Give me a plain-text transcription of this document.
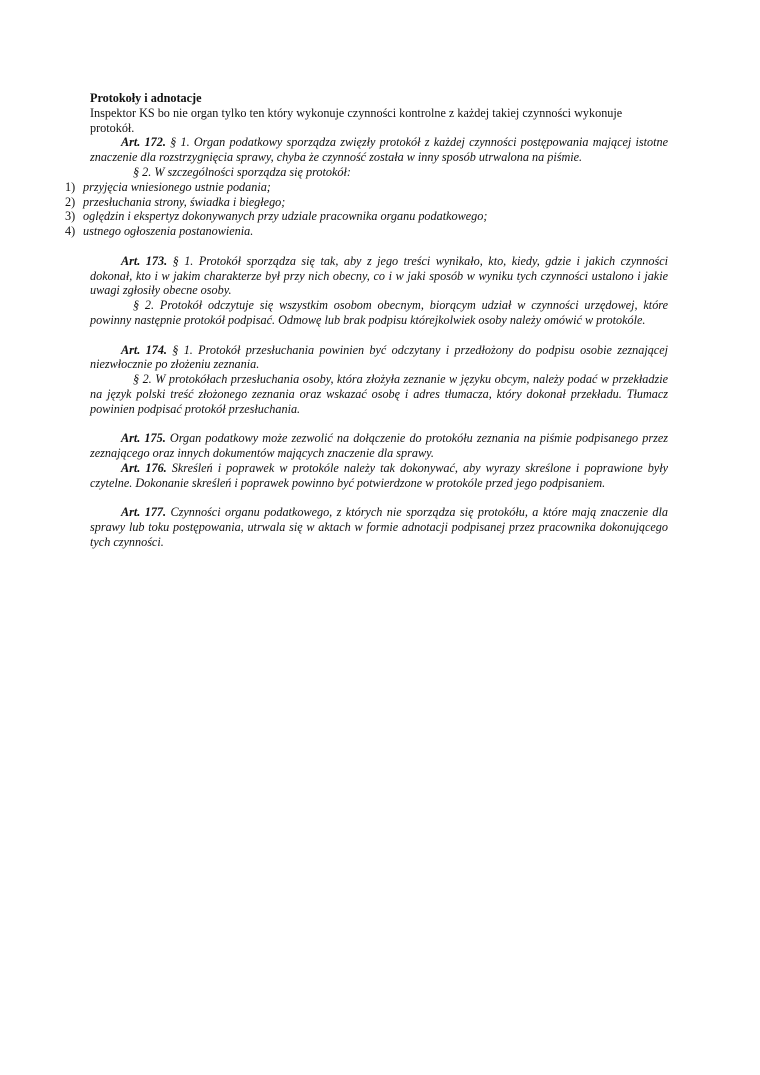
Protokoły i adnotacje

Inspektor KS bo nie organ tylko ten który wykonuje czynności kontrolne z każdej takiej czynności wykonuje protokół.

Art. 172. § 1. Organ podatkowy sporządza zwięzły protokół z każdej czynności postępowania mającej istotne znaczenie dla rozstrzygnięcia sprawy, chyba że czynność została w inny sposób utrwalona na piśmie.

§ 2. W szczególności sporządza się protokół:

1) przyjęcia wniesionego ustnie podania;
2) przesłuchania strony, świadka i biegłego;
3) oględzin i ekspertyz dokonywanych przy udziale pracownika organu podatkowego;
4) ustnego ogłoszenia postanowienia.

Art. 173. § 1. Protokół sporządza się tak, aby z jego treści wynikało, kto, kiedy, gdzie i jakich czynności dokonał, kto i w jakim charakterze był przy nich obecny, co i w jaki sposób w wyniku tych czynności ustalono i jakie uwagi zgłosiły obecne osoby.

§ 2. Protokół odczytuje się wszystkim osobom obecnym, biorącym udział w czynności urzędowej, które powinny następnie protokół podpisać. Odmowę lub brak podpisu którejkolwiek osoby należy omówić w protokóle.

Art. 174. § 1. Protokół przesłuchania powinien być odczytany i przedłożony do podpisu osobie zeznającej niezwłocznie po złożeniu zeznania.

§ 2. W protokółach przesłuchania osoby, która złożyła zeznanie w języku obcym, należy podać w przekładzie na język polski treść złożonego zeznania oraz wskazać osobę i adres tłumacza, który dokonał przekładu. Tłumacz powinien podpisać protokół przesłuchania.

Art. 175. Organ podatkowy może zezwolić na dołączenie do protokółu zeznania na piśmie podpisanego przez zeznającego oraz innych dokumentów mających znaczenie dla sprawy.

Art. 176. Skreśleń i poprawek w protokóle należy tak dokonywać, aby wyrazy skreślone i poprawione były czytelne. Dokonanie skreśleń i poprawek powinno być potwierdzone w protokóle przed jego podpisaniem.

Art. 177. Czynności organu podatkowego, z których nie sporządza się protokółu, a które mają znaczenie dla sprawy lub toku postępowania, utrwala się w aktach w formie adnotacji podpisanej przez pracownika dokonującego tych czynności.
